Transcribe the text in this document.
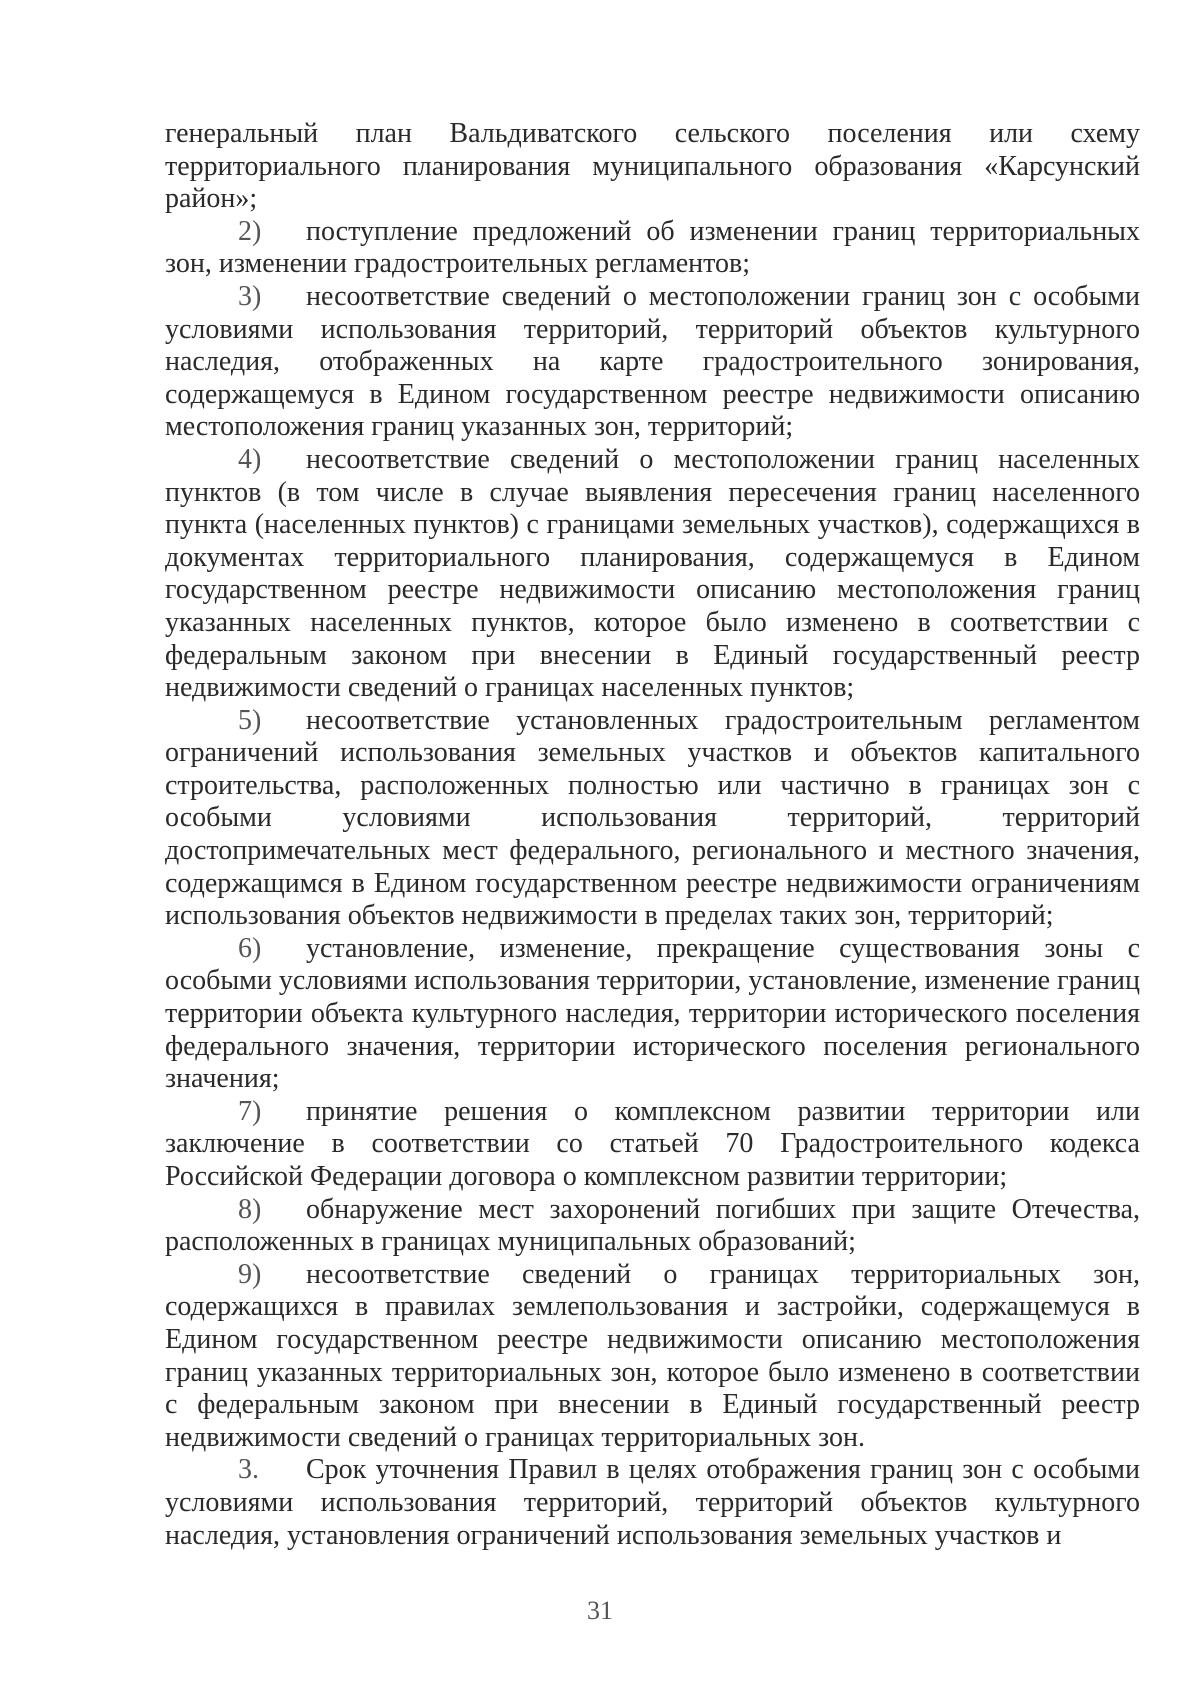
генеральный план Вальдиватского сельского поселения или схему территориального планирования муниципального образования «Карсунский район»;

2) поступление предложений об изменении границ территориальных зон, изменении градостроительных регламентов;

3) несоответствие сведений о местоположении границ зон с особыми условиями использования территорий, территорий объектов культурного наследия, отображенных на карте градостроительного зонирования, содержащемуся в Едином государственном реестре недвижимости описанию местоположения границ указанных зон, территорий;

4) несоответствие сведений о местоположении границ населенных пунктов (в том числе в случае выявления пересечения границ населенного пункта (населенных пунктов) с границами земельных участков), содержащихся в документах территориального планирования, содержащемуся в Едином государственном реестре недвижимости описанию местоположения границ указанных населенных пунктов, которое было изменено в соответствии с федеральным законом при внесении в Единый государственный реестр недвижимости сведений о границах населенных пунктов;

5) несоответствие установленных градостроительным регламентом ограничений использования земельных участков и объектов капитального строительства, расположенных полностью или частично в границах зон с особыми условиями использования территорий, территорий достопримечательных мест федерального, регионального и местного значения, содержащимся в Едином государственном реестре недвижимости ограничениям использования объектов недвижимости в пределах таких зон, территорий;

6) установление, изменение, прекращение существования зоны с особыми условиями использования территории, установление, изменение границ территории объекта культурного наследия, территории исторического поселения федерального значения, территории исторического поселения регионального значения;

7) принятие решения о комплексном развитии территории или заключение в соответствии со статьей 70 Градостроительного кодекса Российской Федерации договора о комплексном развитии территории;

8) обнаружение мест захоронений погибших при защите Отечества, расположенных в границах муниципальных образований;

9) несоответствие сведений о границах территориальных зон, содержащихся в правилах землепользования и застройки, содержащемуся в Едином государственном реестре недвижимости описанию местоположения границ указанных территориальных зон, которое было изменено в соответствии с федеральным законом при внесении в Единый государственный реестр недвижимости сведений о границах территориальных зон.

3. Срок уточнения Правил в целях отображения границ зон с особыми условиями использования территорий, территорий объектов культурного наследия, установления ограничений использования земельных участков и

31
